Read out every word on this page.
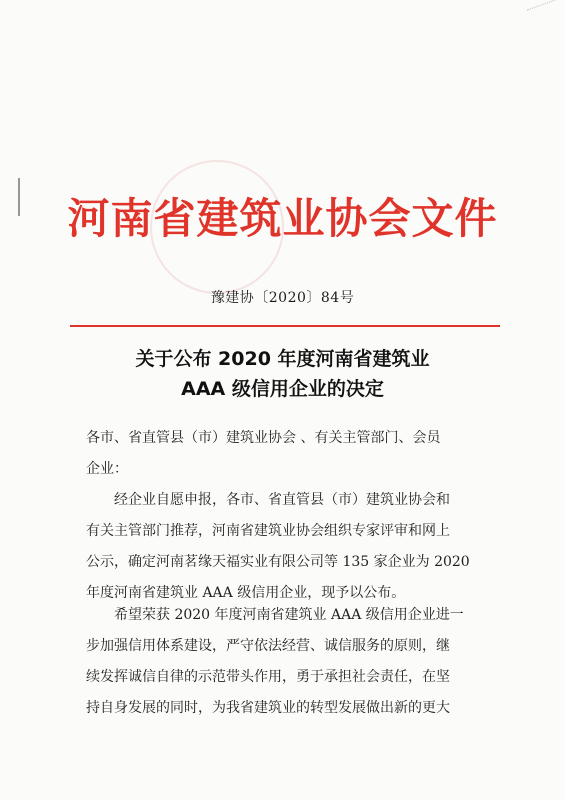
河南省建筑业协会文件
豫建协〔2020〕84号
关于公布 2020 年度河南省建筑业
AAA 级信用企业的决定
各市、省直管县（市）建筑业协会 、有关主管部门、会员
企业：
经企业自愿申报，各市、省直管县（市）建筑业协会和
有关主管部门推荐，河南省建筑业协会组织专家评审和网上
公示，确定河南茗缘天福实业有限公司等 135 家企业为 2020
年度河南省建筑业 AAA 级信用企业，现予以公布。
希望荣获 2020 年度河南省建筑业 AAA 级信用企业进一
步加强信用体系建设，严守依法经营、诚信服务的原则，继
续发挥诚信自律的示范带头作用，勇于承担社会责任，在坚
持自身发展的同时，为我省建筑业的转型发展做出新的更大
